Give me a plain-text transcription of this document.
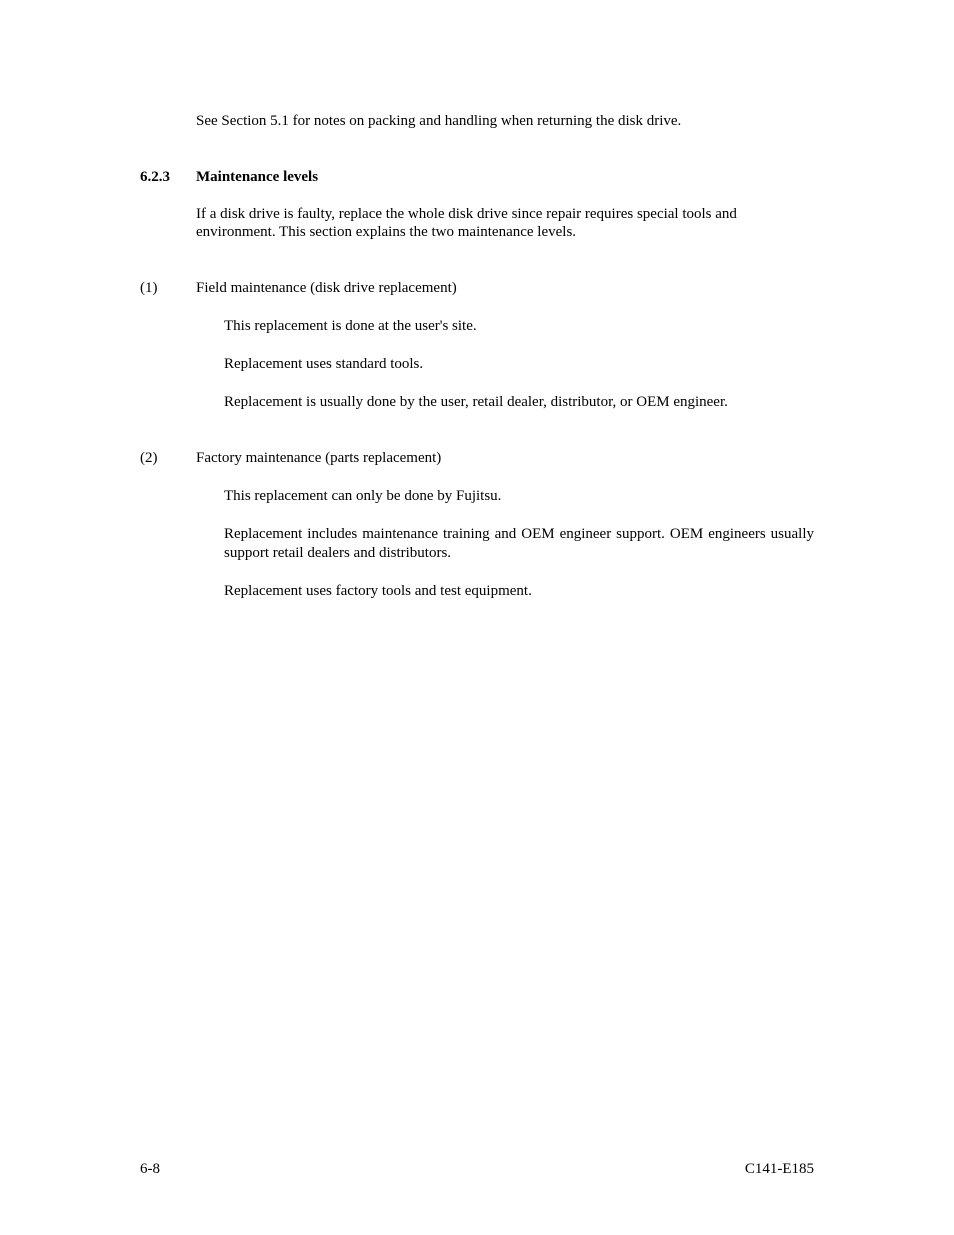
See Section 5.1 for notes on packing and handling when returning the disk drive.
6.2.3 Maintenance levels
If a disk drive is faulty, replace the whole disk drive since repair requires special tools and
environment. This section explains the two maintenance levels.
(1)	Field maintenance (disk drive replacement)
This replacement is done at the user's site.
Replacement uses standard tools.
Replacement is usually done by the user, retail dealer, distributor, or OEM engineer.
(2)	Factory maintenance (parts replacement)
This replacement can only be done by Fujitsu.
Replacement includes maintenance training and OEM engineer support. OEM engineers usually support retail dealers and distributors.
Replacement uses factory tools and test equipment.
6-8	C141-E185
